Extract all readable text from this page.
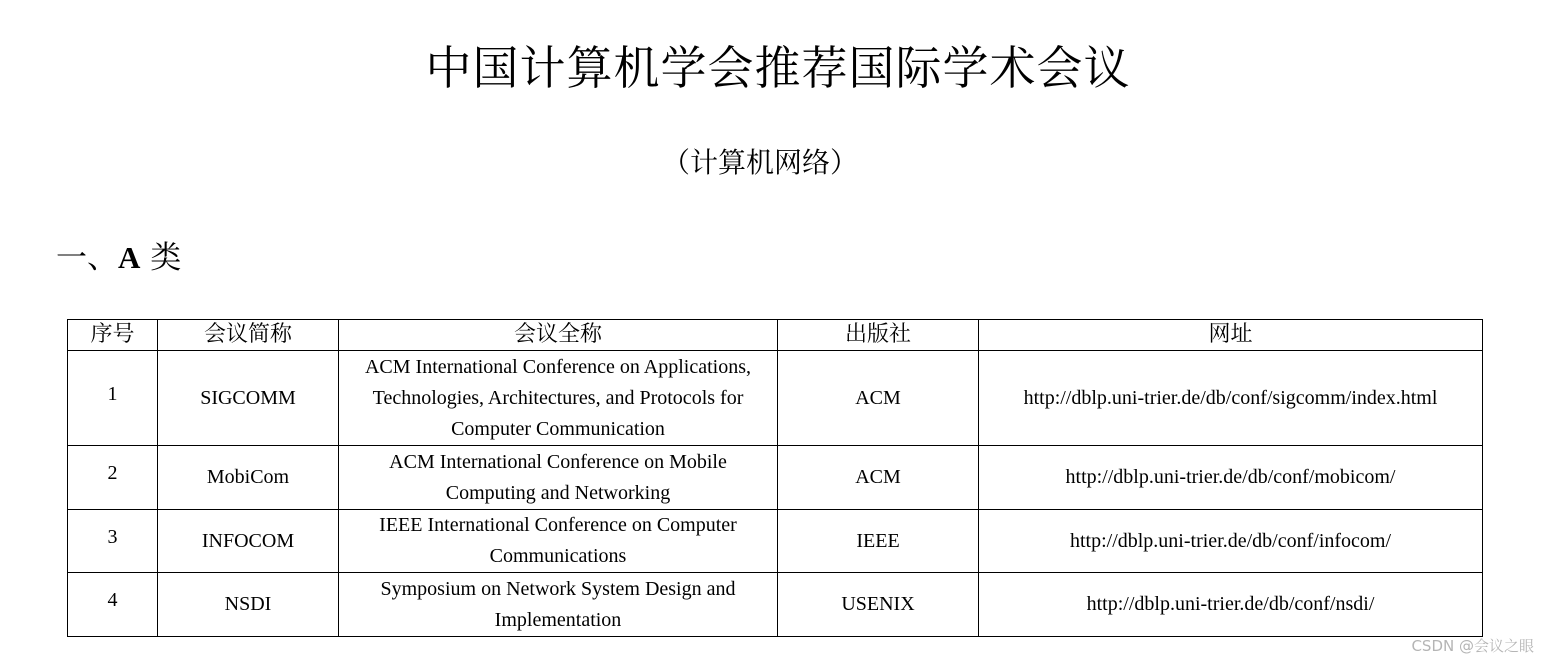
中国计算机学会推荐国际学术会议
（计算机网络）
一、A 类
序号	会议简称	会议全称	出版社	网址
1	SIGCOMM	ACM International Conference on Applications, Technologies, Architectures, and Protocols for Computer Communication	ACM	http://dblp.uni-trier.de/db/conf/sigcomm/index.html
2	MobiCom	ACM International Conference on Mobile Computing and Networking	ACM	http://dblp.uni-trier.de/db/conf/mobicom/
3	INFOCOM	IEEE International Conference on Computer Communications	IEEE	http://dblp.uni-trier.de/db/conf/infocom/
4	NSDI	Symposium on Network System Design and Implementation	USENIX	http://dblp.uni-trier.de/db/conf/nsdi/
CSDN @会议之眼
